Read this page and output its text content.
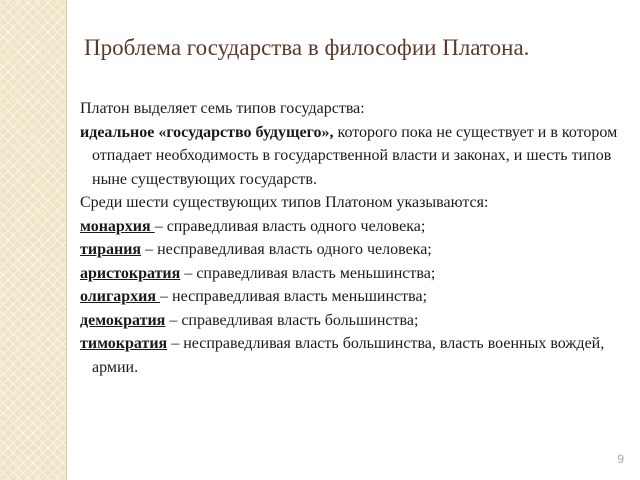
Проблема государства в философии Платона.

Платон выделяет семь типов государства:

идеальное «государство будущего», которого пока не существует и в котором отпадает необходимость в государственной власти и законах, и шесть типов ныне существующих государств.

Среди шести существующих типов Платоном указываются:

монархия – справедливая власть одного человека;

тирания – несправедливая власть одного человека;

аристократия – справедливая власть меньшинства;

олигархия – несправедливая власть меньшинства;

демократия – справедливая власть большинства;

тимократия – несправедливая власть большинства, власть военных вождей, армии.

9
